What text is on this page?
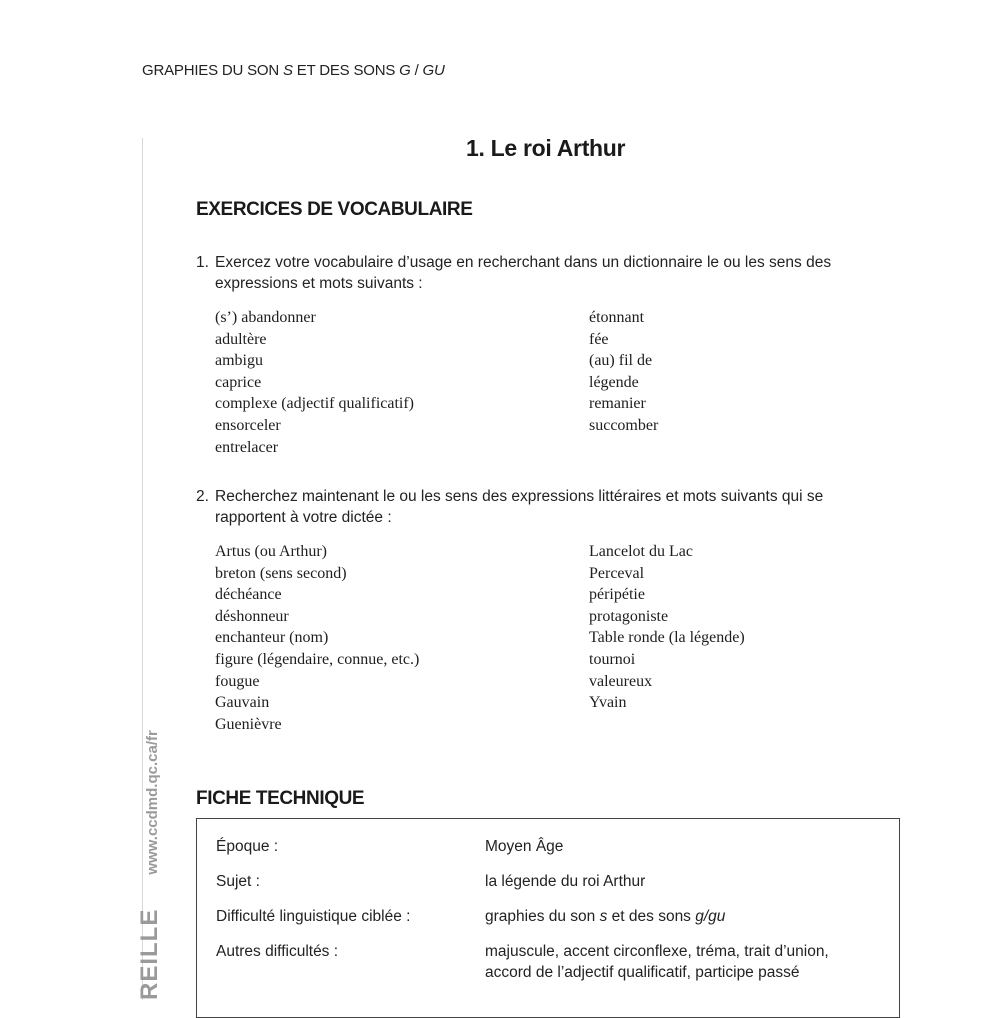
GRAPHIES DU SON S ET DES SONS G / GU
REILLEwww.ccdmd.qc.ca/fr
1. Le roi Arthur
EXERCICES DE VOCABULAIRE
1. Exercez votre vocabulaire d’usage en recherchant dans un dictionnaire le ou les sens des
expressions et mots suivants :
(s’) abandonner
adultère
ambigu
caprice
complexe (adjectif qualificatif)
ensorceler
entrelacer
étonnant
fée
(au) fil de
légende
remanier
succomber
2. Recherchez maintenant le ou les sens des expressions littéraires et mots suivants qui se
rapportent à votre dictée :
Artus (ou Arthur)
breton (sens second)
déchéance
déshonneur
enchanteur (nom)
figure (légendaire, connue, etc.)
fougue
Gauvain
Guenièvre
Lancelot du Lac
Perceval
péripétie
protagoniste
Table ronde (la légende)
tournoi
valeureux
Yvain
FICHE TECHNIQUE
Époque :	Moyen Âge
Sujet :	la légende du roi Arthur
Difficulté linguistique ciblée :	graphies du son s et des sons g/gu
Autres difficultés :	majuscule, accent circonflexe, tréma, trait d’union,
accord de l’adjectif qualificatif, participe passé
